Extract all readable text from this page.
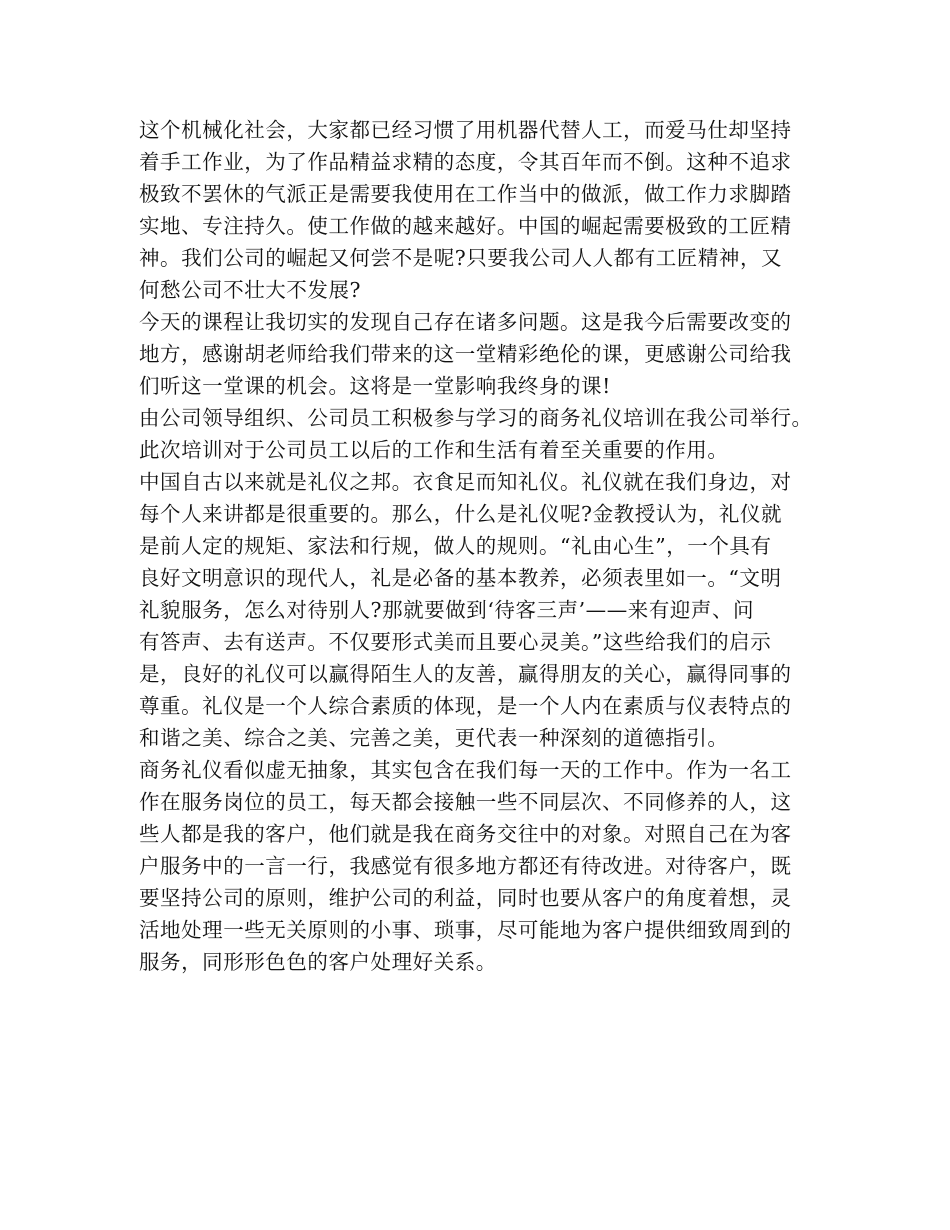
这个机械化社会，大家都已经习惯了用机器代替人工，而爱马仕却坚持
着手工作业，为了作品精益求精的态度，令其百年而不倒。这种不追求
极致不罢休的气派正是需要我使用在工作当中的做派，做工作力求脚踏
实地、专注持久。使工作做的越来越好。中国的崛起需要极致的工匠精
神。我们公司的崛起又何尝不是呢?只要我公司人人都有工匠精神，又
何愁公司不壮大不发展?
今天的课程让我切实的发现自己存在诸多问题。这是我今后需要改变的
地方，感谢胡老师给我们带来的这一堂精彩绝伦的课，更感谢公司给我
们听这一堂课的机会。这将是一堂影响我终身的课!
由公司领导组织、公司员工积极参与学习的商务礼仪培训在我公司举行。
此次培训对于公司员工以后的工作和生活有着至关重要的作用。
中国自古以来就是礼仪之邦。衣食足而知礼仪。礼仪就在我们身边，对
每个人来讲都是很重要的。那么，什么是礼仪呢?金教授认为，礼仪就
是前人定的规矩、家法和行规，做人的规则。“礼由心生”，一个具有
良好文明意识的现代人，礼是必备的基本教养，必须表里如一。“文明
礼貌服务，怎么对待别人?那就要做到‘待客三声’——来有迎声、问
有答声、去有送声。不仅要形式美而且要心灵美。”这些给我们的启示
是，良好的礼仪可以赢得陌生人的友善，赢得朋友的关心，赢得同事的
尊重。礼仪是一个人综合素质的体现，是一个人内在素质与仪表特点的
和谐之美、综合之美、完善之美，更代表一种深刻的道德指引。
商务礼仪看似虚无抽象，其实包含在我们每一天的工作中。作为一名工
作在服务岗位的员工，每天都会接触一些不同层次、不同修养的人，这
些人都是我的客户，他们就是我在商务交往中的对象。对照自己在为客
户服务中的一言一行，我感觉有很多地方都还有待改进。对待客户，既
要坚持公司的原则，维护公司的利益，同时也要从客户的角度着想，灵
活地处理一些无关原则的小事、琐事，尽可能地为客户提供细致周到的
服务，同形形色色的客户处理好关系。
